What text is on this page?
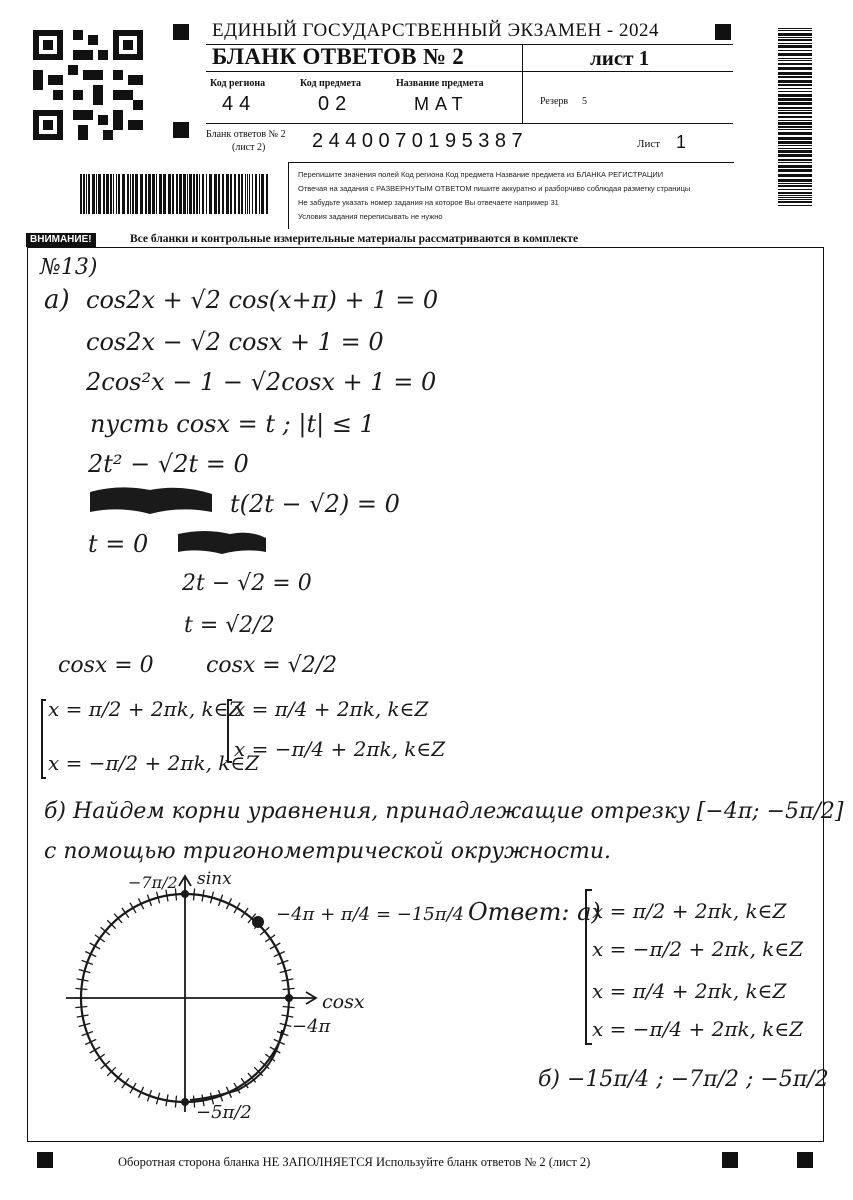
ЕДИНЫЙ ГОСУДАРСТВЕННЫЙ ЭКЗАМЕН - 2024
БЛАНК ОТВЕТОВ № 2	лист 1
Код региона	Код предмета	Название предмета
44	02	МАТ	Резерв 5
Бланк ответов № 2
(лист 2) 2440070195387	Лист 1
Перепишите значения полей Код региона Код предмета Название предмета из БЛАНКА РЕГИСТРАЦИИ
Отвечая на задания с РАЗВЕРНУТЫМ ОТВЕТОМ пишите аккуратно и разборчиво соблюдая разметку страницы
Не забудьте указать номер задания на которое Вы отвечаете например 31
Условия задания переписывать не нужно
ВНИМАНИЕ!	Все бланки и контрольные измерительные материалы рассматриваются в комплекте
№13)
а) cos2x + √2 cos(x+π) + 1 = 0
cos2x − √2 cosx + 1 = 0
2cos²x − 1 − √2cosx + 1 = 0
пусть cosx = t ; |t| ≤ 1
2t² − √2t = 0
t(2t − √2) = 0
t = 0
2t − √2 = 0
t = √2/2
cosx = 0 cosx = √2/2
x = π/2 + 2πk, k∈Z
x = −π/2 + 2πk, k∈Z
x = π/4 + 2πk, k∈Z
x = −π/4 + 2πk, k∈Z
б) Найдем корни уравнения, принадлежащие отрезку [−4π; −5π/2]
с помощью тригонометрической окружности.
−7π/2 sinx
cosx
−4π
−5π/2
−4π + π/4 = −15π/4 Ответ: а)
x = π/2 + 2πk, k∈Z
x = −π/2 + 2πk, k∈Z
x = π/4 + 2πk, k∈Z
x = −π/4 + 2πk, k∈Z
б) −15π/4 ; −7π/2 ; −5π/2
Оборотная сторона бланка НЕ ЗАПОЛНЯЕТСЯ Используйте бланк ответов № 2 (лист 2)
